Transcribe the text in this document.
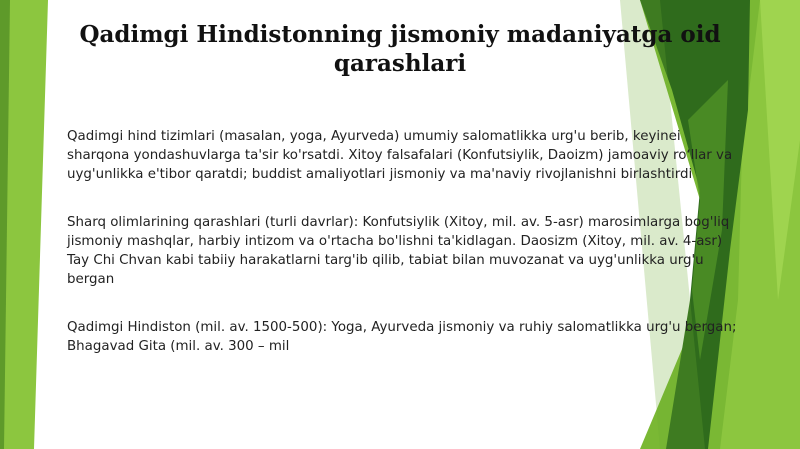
Qadimgi Hindistonning jismoniy madaniyatga oid qarashlari

Qadimgi hind tizimlari (masalan, yoga, Ayurveda) umumiy salomatlikka urg'u berib, keyinei sharqona yondashuvlarga ta'sir ko'rsatdi. Xitoy falsafalari (Konfutsiylik, Daoizm) jamoaviy roʻllar va uyg'unlikka e'tibor qaratdi; buddist amaliyotlari jismoniy va ma'naviy rivojlanishni birlashtirdi

Sharq olimlarining qarashlari (turli davrlar): Konfutsiylik (Xitoy, mil. av. 5-asr) marosimlarga bog'liq jismoniy mashqlar, harbiy intizom va o'rtacha bo'lishni ta'kidlagan. Daosizm (Xitoy, mil. av. 4-asr) Tay Chi Chvan kabi tabiiy harakatlarni targ'ib qilib, tabiat bilan muvozanat va uyg'unlikka urg'u bergan

Qadimgi Hindiston (mil. av. 1500-500): Yoga, Ayurveda jismoniy va ruhiy salomatlikka urg'u bergan; Bhagavad Gita (mil. av. 300 – mil
